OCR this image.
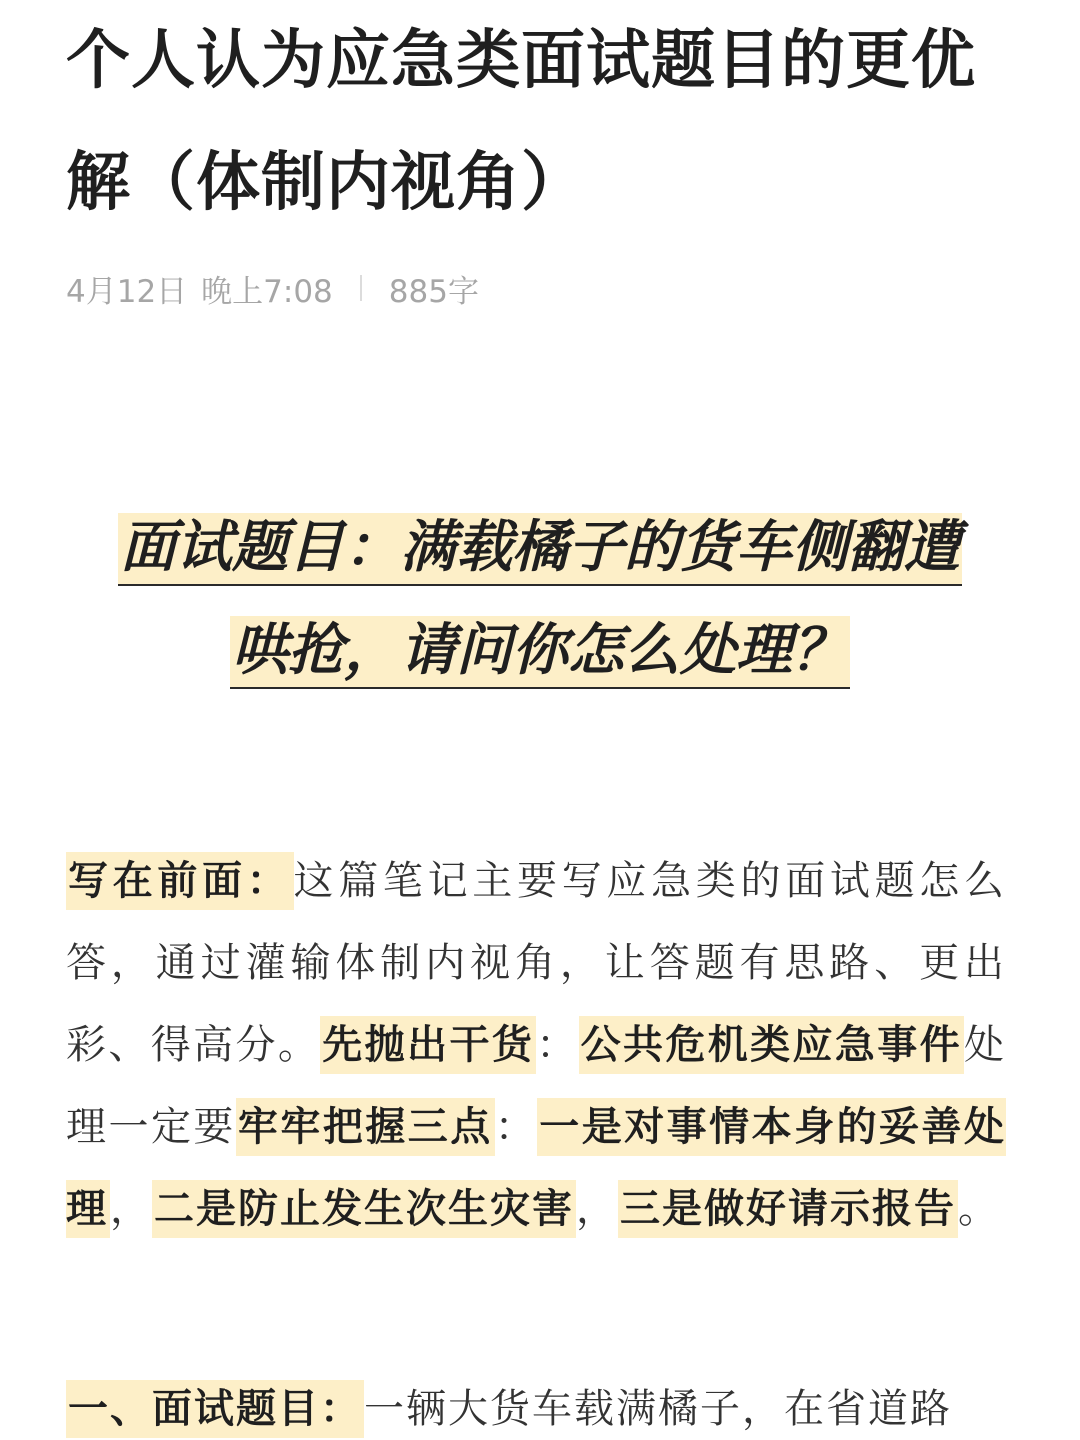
个人认为应急类面试题目的更优解（体制内视角）
4月12日 晚上7:08 885字
面试题目：满载橘子的货车侧翻遭
哄抢，请问你怎么处理？

写在前面：这篇笔记主要写应急类的面试题怎么答，通过灌输体制内视角，让答题有思路、更出彩、得高分。先抛出干货：公共危机类应急事件处理一定要牢牢把握三点：一是对事情本身的妥善处理，二是防止发生次生灾害，三是做好请示报告。

一、面试题目：一辆大货车载满橘子，在省道路
